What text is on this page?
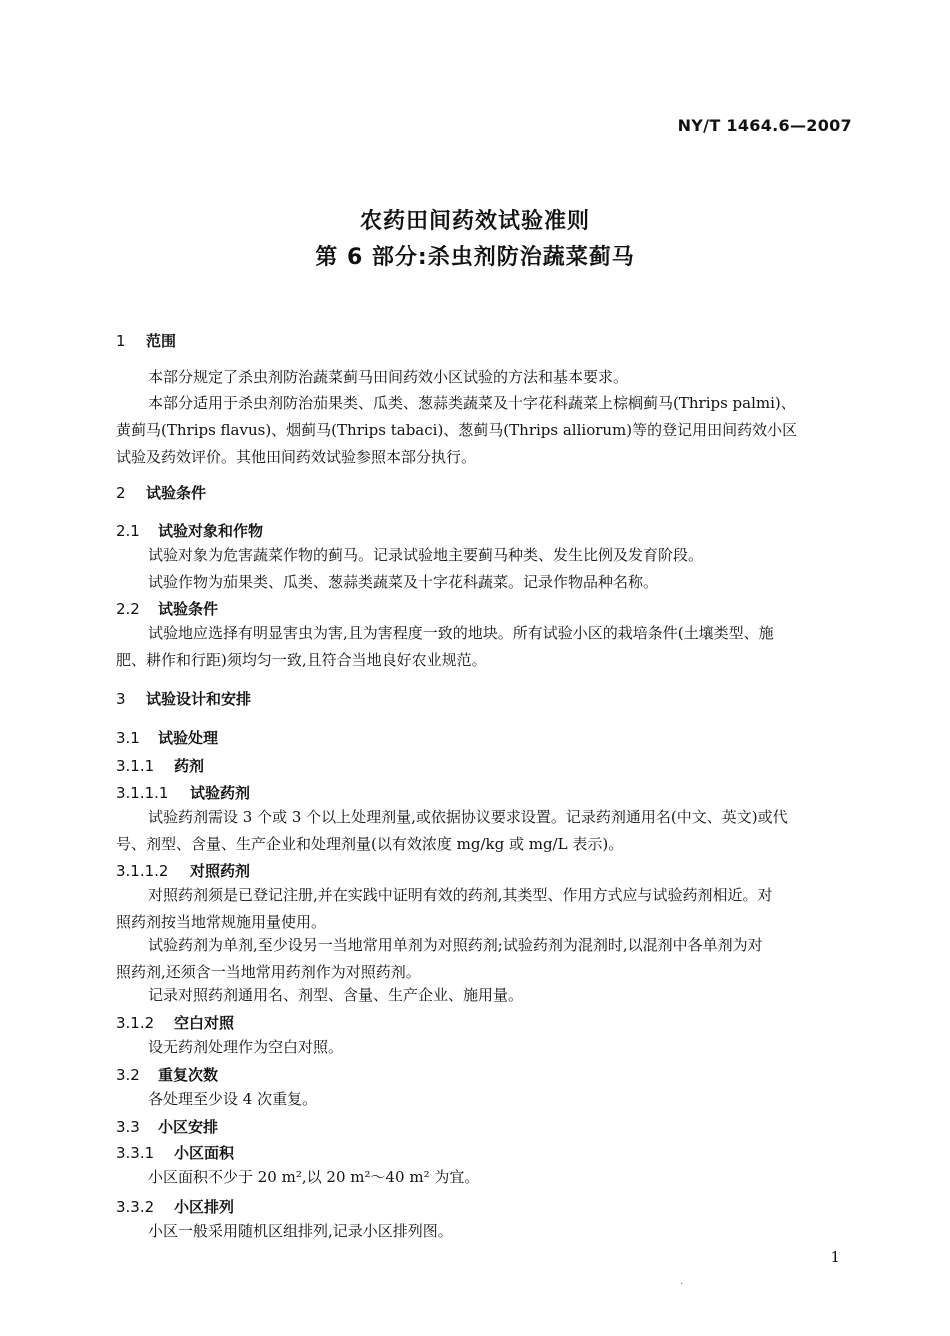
NY/T 1464.6—2007
农药田间药效试验准则
第 6 部分:杀虫剂防治蔬菜蓟马
1 范围
本部分规定了杀虫剂防治蔬菜蓟马田间药效小区试验的方法和基本要求。
本部分适用于杀虫剂防治茄果类、瓜类、葱蒜类蔬菜及十字花科蔬菜上棕榈蓟马(Thrips palmi)、
黄蓟马(Thrips flavus)、烟蓟马(Thrips tabaci)、葱蓟马(Thrips alliorum)等的登记用田间药效小区
试验及药效评价。其他田间药效试验参照本部分执行。
2 试验条件
2.1 试验对象和作物
试验对象为危害蔬菜作物的蓟马。记录试验地主要蓟马种类、发生比例及发育阶段。
试验作物为茄果类、瓜类、葱蒜类蔬菜及十字花科蔬菜。记录作物品种名称。
2.2 试验条件
试验地应选择有明显害虫为害,且为害程度一致的地块。所有试验小区的栽培条件(土壤类型、施
肥、耕作和行距)须均匀一致,且符合当地良好农业规范。
3 试验设计和安排
3.1 试验处理
3.1.1 药剂
3.1.1.1 试验药剂
试验药剂需设 3 个或 3 个以上处理剂量,或依据协议要求设置。记录药剂通用名(中文、英文)或代
号、剂型、含量、生产企业和处理剂量(以有效浓度 mg/kg 或 mg/L 表示)。
3.1.1.2 对照药剂
对照药剂须是已登记注册,并在实践中证明有效的药剂,其类型、作用方式应与试验药剂相近。对
照药剂按当地常规施用量使用。
试验药剂为单剂,至少设另一当地常用单剂为对照药剂;试验药剂为混剂时,以混剂中各单剂为对
照药剂,还须含一当地常用药剂作为对照药剂。
记录对照药剂通用名、剂型、含量、生产企业、施用量。
3.1.2 空白对照
设无药剂处理作为空白对照。
3.2 重复次数
各处理至少设 4 次重复。
3.3 小区安排
3.3.1 小区面积
小区面积不少于 20 m²,以 20 m²～40 m² 为宜。
3.3.2 小区排列
小区一般采用随机区组排列,记录小区排列图。
1
.
